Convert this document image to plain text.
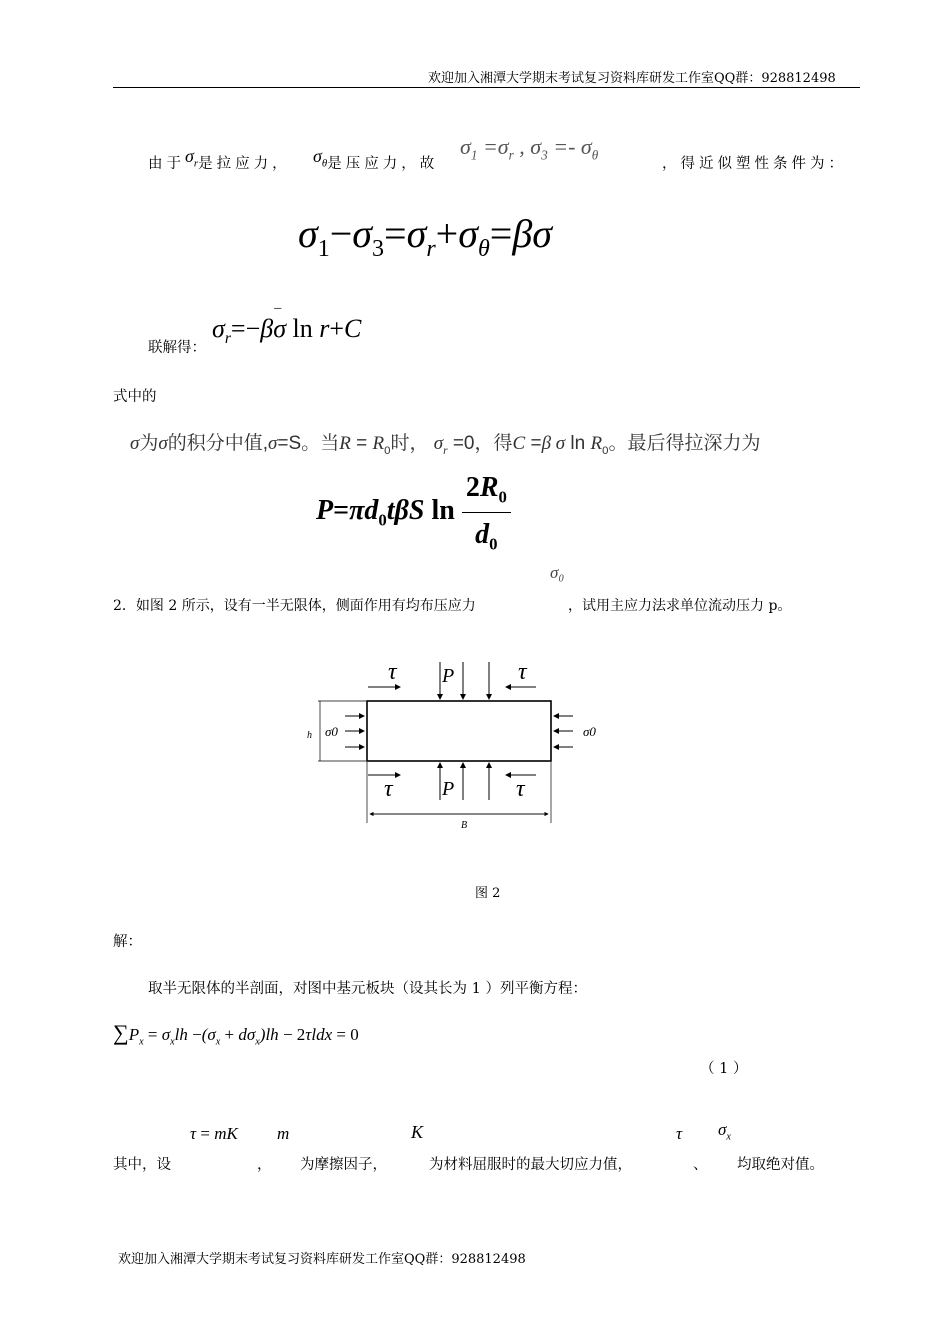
欢迎加入湘潭大学期末考试复习资料库研发工作室QQ群：928812498
由于$\sigma_r$是拉应力， $\sigma_\theta$是压应力，故
$\sigma_1 =\sigma_r$ , $\sigma_3 =- \sigma_\theta$
，得近似塑性条件为：
$\sigma_1-\sigma_3=\sigma_r+\sigma_\theta=\beta\sigma$
联解得：
$\sigma_r=-\beta$
_
σ ln r+C
式中的
σ为σ的积分中值,σ=S。当$R = R_0$时， $\sigma_r =0$，得C =β σ $\ln R_0$。最后得拉深力为
$P=\pi d_0t\beta S$ $\ln \frac{2R_0}{d_0}$
σ₀
2．如图 2 所示，设有一半无限体，侧面作用有均布压应力	，试用主应力法求单位流动压力 p。
τ P	τ
τ P	τ
σ0	σ0
h
B
图 2
解：
取半无限体的半剖面，对图中基元板块（设其长为 1 ）列平衡方程：
$\sum P_x = \sigma_xlh -(\sigma_x + d\sigma_x)lh - 2\tau ldx = 0$
（ 1 ）
τ = mK m	K	τ $\sigma_x$
其中，设	， 为摩擦因子，	为材料屈服时的最大切应力值，	、 均取绝对值。
欢迎加入湘潭大学期末考试复习资料库研发工作室QQ群：928812498
